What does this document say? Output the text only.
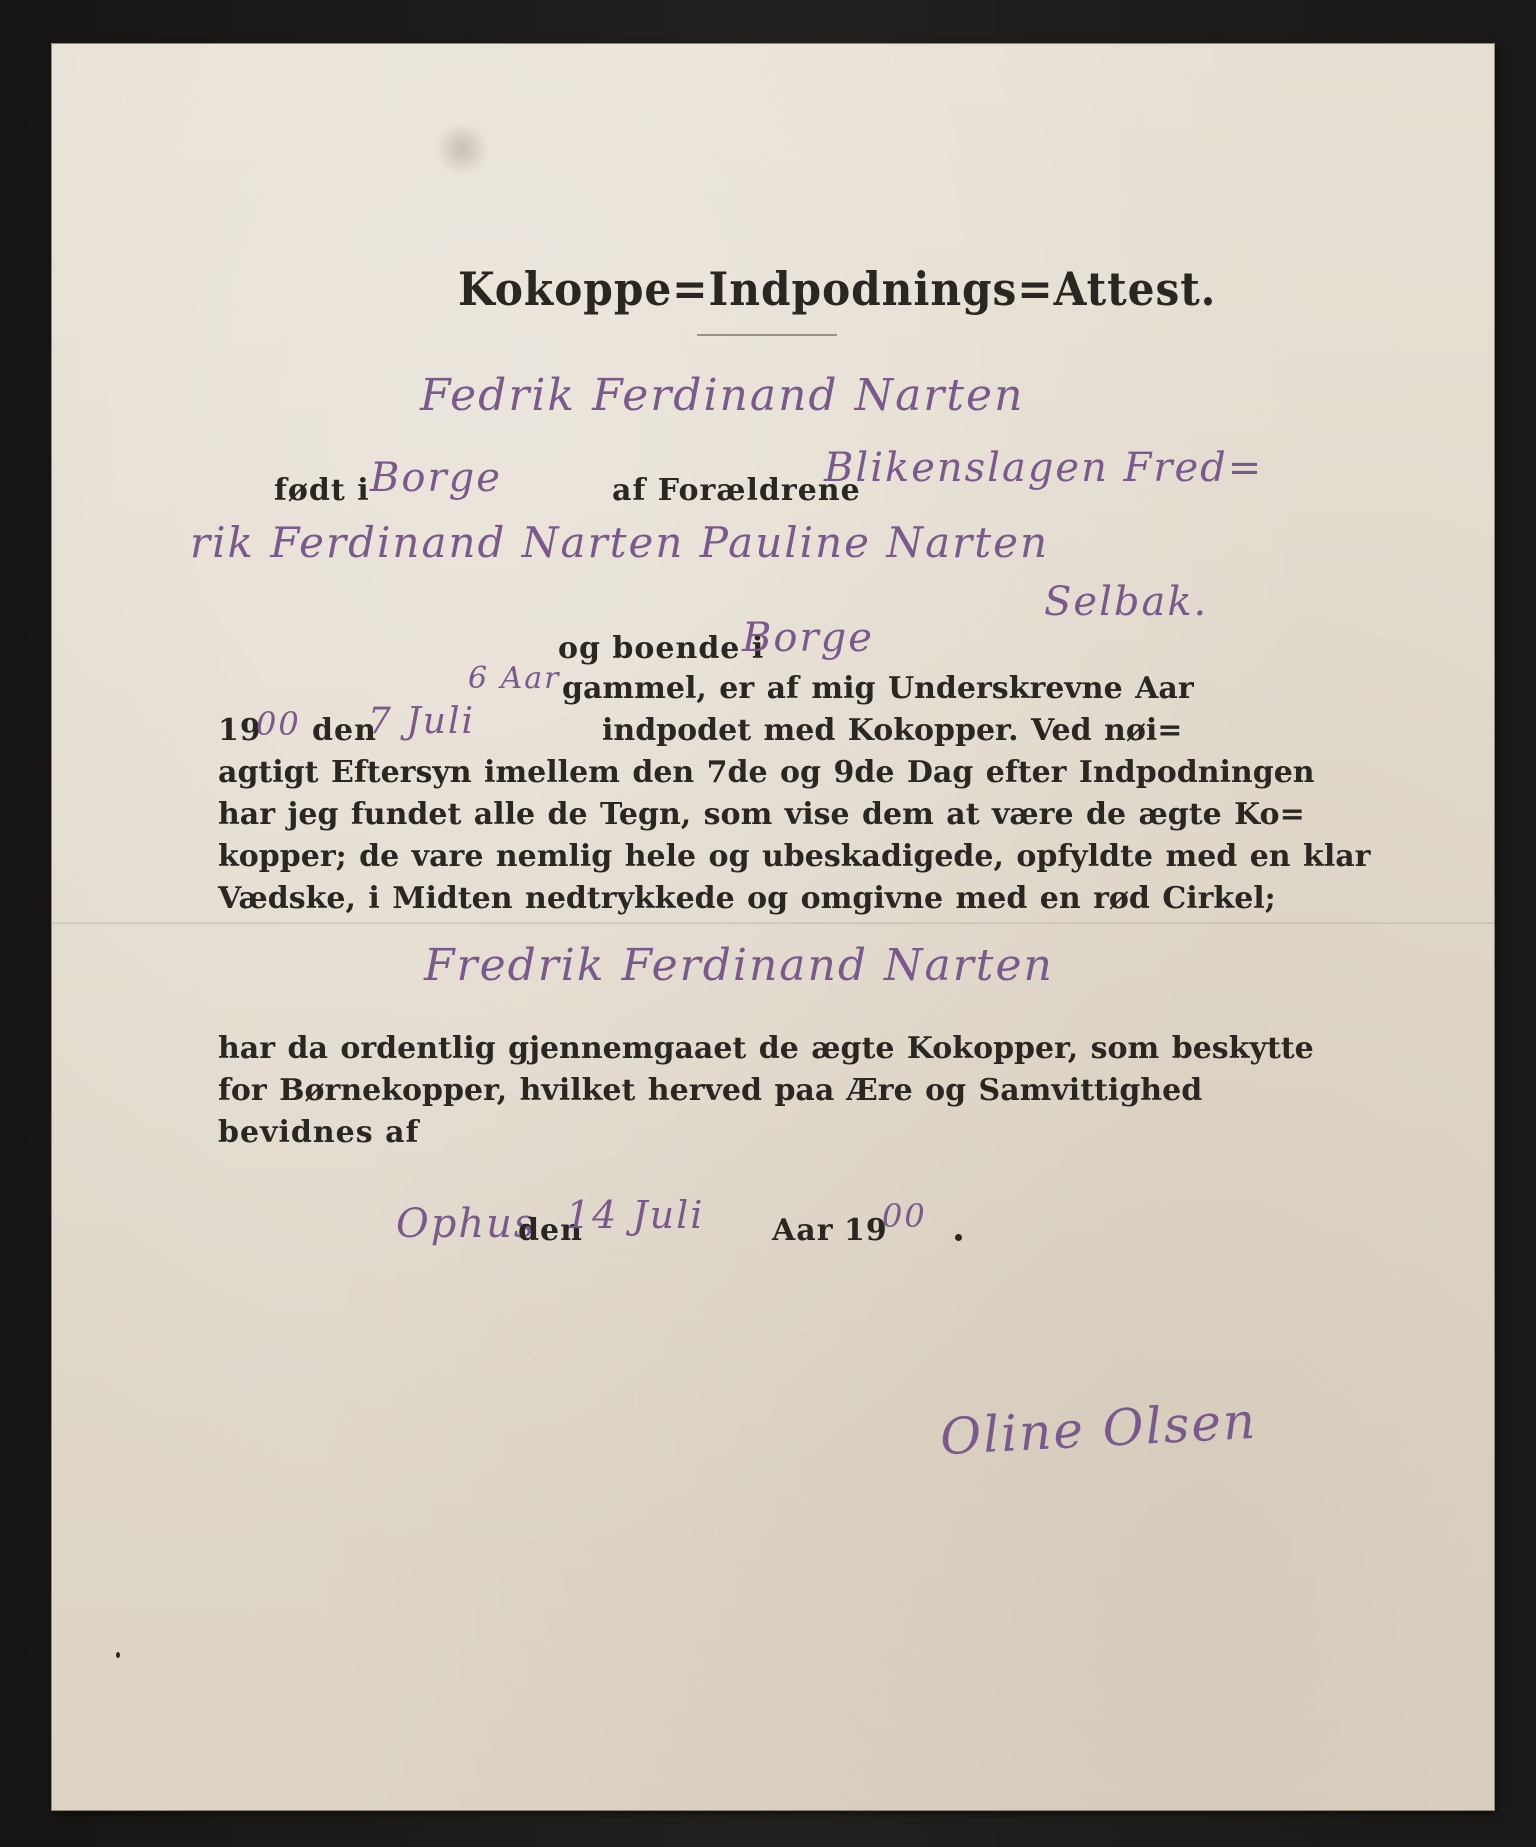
Kokoppe=Indpodnings=Attest.
Fedrik Ferdinand Narten
født i Borge	af Forældrene
Blikenslagen Fred=
rik Ferdinand Narten Pauline Narten
Selbak.
og boende i
Borge
6 Aar gammel, er af mig Underskrevne Aar
19
00 den
7 Juli	indpodet med Kokopper. Ved nøi=
agtigt Eftersyn imellem den 7de og 9de Dag efter Indpodningen
har jeg fundet alle de Tegn, som vise dem at være de ægte Ko=
kopper; de vare nemlig hele og ubeskadigede, opfyldte med en klar
Vædske, i Midten nedtrykkede og omgivne med en rød Cirkel;
Fredrik Ferdinand Narten
har da ordentlig gjennemgaaet de ægte Kokopper, som beskytte
for Børnekopper, hvilket herved paa Ære og Samvittighed
bevidnes af
Ophus
den
14 Juli Aar 19
00
Oline Olsen
